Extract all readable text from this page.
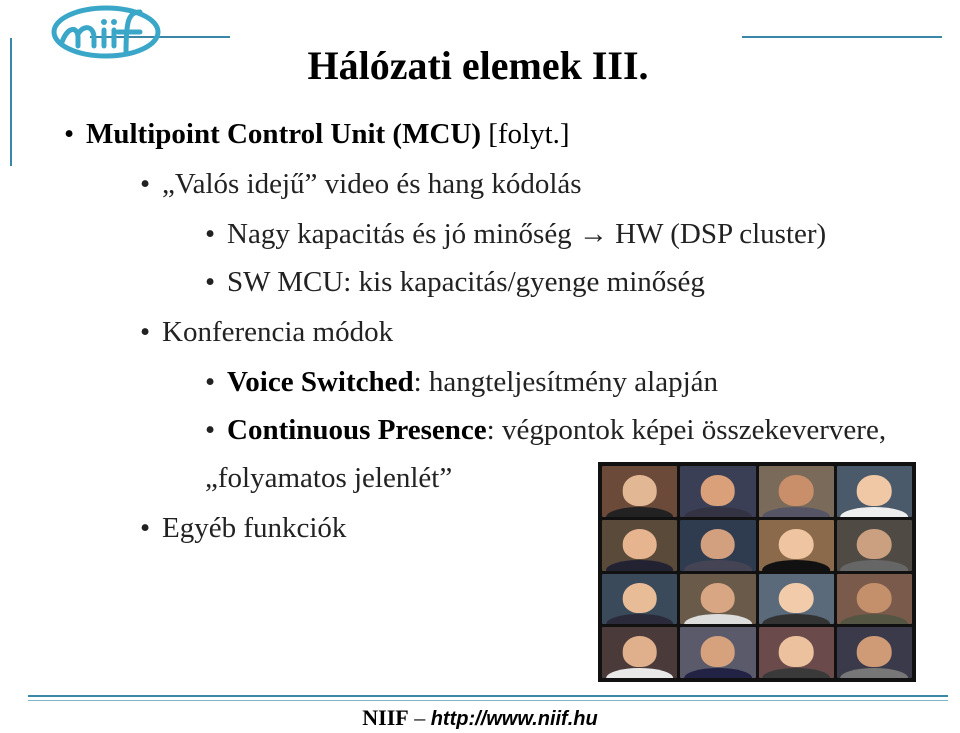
Hálózati elemek III.
• Multipoint Control Unit (MCU) [folyt.]
• „Valós idejű” video és hang kódolás
• Nagy kapacitás és jó minőség → HW (DSP cluster)
• SW MCU: kis kapacitás/gyenge minőség
• Konferencia módok
• Voice Switched: hangteljesítmény alapján
• Continuous Presence: végpontok képei összekeververe,
„folyamatos jelenlét”
• Egyéb funkciók
NIIF – http://www.niif.hu
